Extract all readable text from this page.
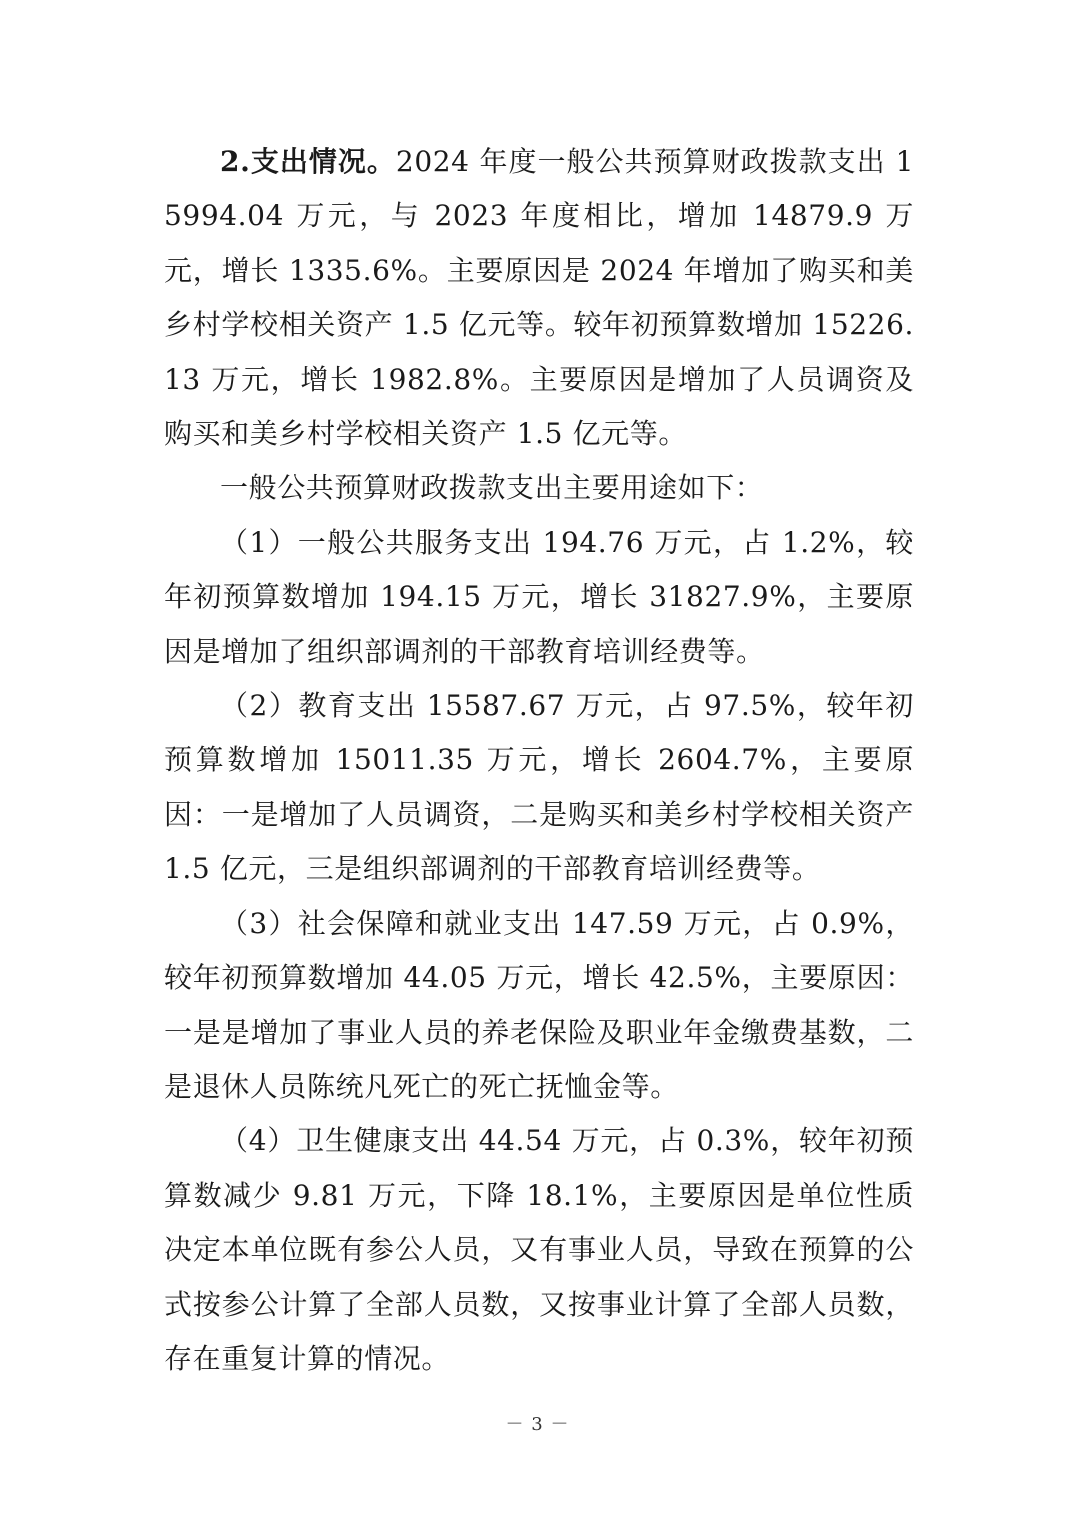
2.支出情况。2024 年度一般公共预算财政拨款支出 15994.04 万元，与 2023 年度相比，增加 14879.9 万元，增长 1335.6%。主要原因是 2024 年增加了购买和美乡村学校相关资产 1.5 亿元等。较年初预算数增加 15226.13 万元，增长 1982.8%。主要原因是增加了人员调资及购买和美乡村学校相关资产 1.5 亿元等。

一般公共预算财政拨款支出主要用途如下：

（1）一般公共服务支出 194.76 万元，占 1.2%，较年初预算数增加 194.15 万元，增长 31827.9%，主要原因是增加了组织部调剂的干部教育培训经费等。

（2）教育支出 15587.67 万元，占 97.5%，较年初预算数增加 15011.35 万元，增长 2604.7%，主要原因：一是增加了人员调资，二是购买和美乡村学校相关资产 1.5 亿元，三是组织部调剂的干部教育培训经费等。

（3）社会保障和就业支出 147.59 万元，占 0.9%，较年初预算数增加 44.05 万元，增长 42.5%，主要原因：一是是增加了事业人员的养老保险及职业年金缴费基数，二是退休人员陈统凡死亡的死亡抚恤金等。

（4）卫生健康支出 44.54 万元，占 0.3%，较年初预算数减少 9.81 万元，下降 18.1%，主要原因是单位性质决定本单位既有参公人员，又有事业人员，导致在预算的公式按参公计算了全部人员数，又按事业计算了全部人员数，存在重复计算的情况。

－ 3 －
